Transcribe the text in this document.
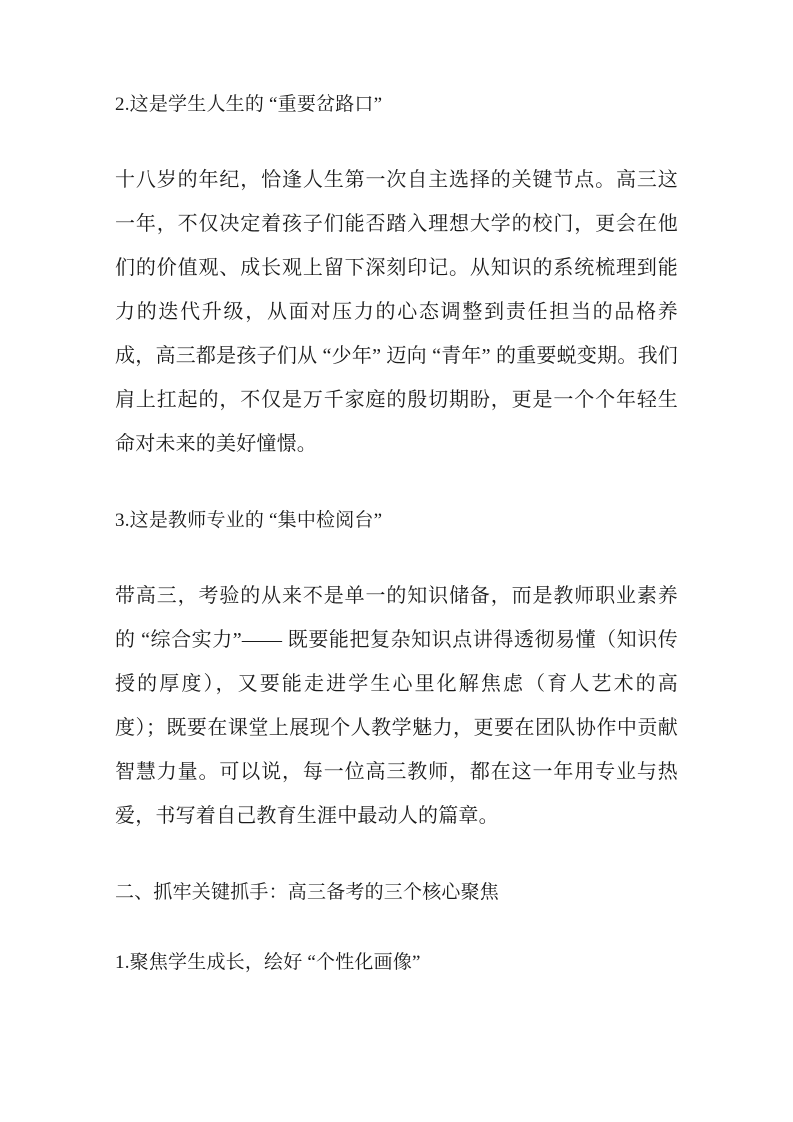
2.这是学生人生的 “重要岔路口”

十八岁的年纪，恰逢人生第一次自主选择的关键节点。高三这一年，不仅决定着孩子们能否踏入理想大学的校门，更会在他们的价值观、成长观上留下深刻印记。从知识的系统梳理到能力的迭代升级，从面对压力的心态调整到责任担当的品格养成，高三都是孩子们从 “少年” 迈向 “青年” 的重要蜕变期。我们肩上扛起的，不仅是万千家庭的殷切期盼，更是一个个年轻生命对未来的美好憧憬。

3.这是教师专业的 “集中检阅台”

带高三，考验的从来不是单一的知识储备，而是教师职业素养的 “综合实力”—— 既要能把复杂知识点讲得透彻易懂（知识传授的厚度），又要能走进学生心里化解焦虑（育人艺术的高度）；既要在课堂上展现个人教学魅力，更要在团队协作中贡献智慧力量。可以说，每一位高三教师，都在这一年用专业与热爱，书写着自己教育生涯中最动人的篇章。

二、抓牢关键抓手：高三备考的三个核心聚焦

1.聚焦学生成长，绘好 “个性化画像”
